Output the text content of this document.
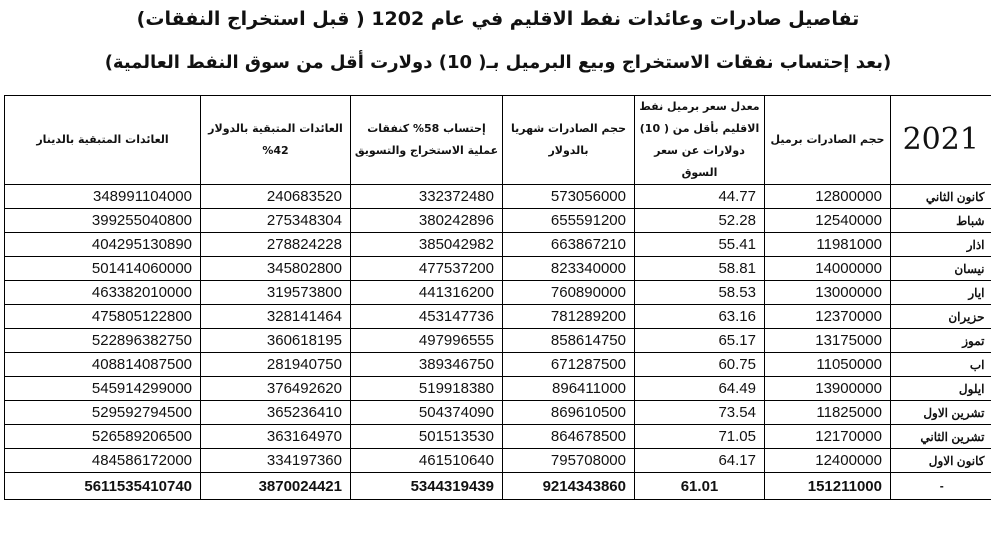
تفاصيل صادرات وعائدات نفط الاقليم في عام 1202 ( قبل استخراج النفقات)
(بعد إحتساب نفقات الاستخراج وبيع البرميل بـ( 10) دولارت أقل من سوق النفط العالمية)
العائدات المتبقية بالدينار	العائدات المتبقية بالدولار 42%	إحتساب 58% كنفقات عملية الاستخراج والتسويق	حجم الصادرات شهريا بالدولار	معدل سعر برميل نفط الاقليم بأقل من ( 10) دولارات عن سعر السوق	حجم الصادرات برميل	2021
348991104000	240683520	332372480	573056000	44.77	12800000	كانون الثاني
399255040800	275348304	380242896	655591200	52.28	12540000	شباط
404295130890	278824228	385042982	663867210	55.41	11981000	اذار
501414060000	345802800	477537200	823340000	58.81	14000000	نيسان
463382010000	319573800	441316200	760890000	58.53	13000000	ايار
475805122800	328141464	453147736	781289200	63.16	12370000	حزيران
522896382750	360618195	497996555	858614750	65.17	13175000	تموز
408814087500	281940750	389346750	671287500	60.75	11050000	اب
545914299000	376492620	519918380	896411000	64.49	13900000	ايلول
529592794500	365236410	504374090	869610500	73.54	11825000	تشرين الاول
526589206500	363164970	501513530	864678500	71.05	12170000	تشرين الثاني
484586172000	334197360	461510640	795708000	64.17	12400000	كانون الاول
5611535410740	3870024421	5344319439	9214343860	61.01	151211000	-
